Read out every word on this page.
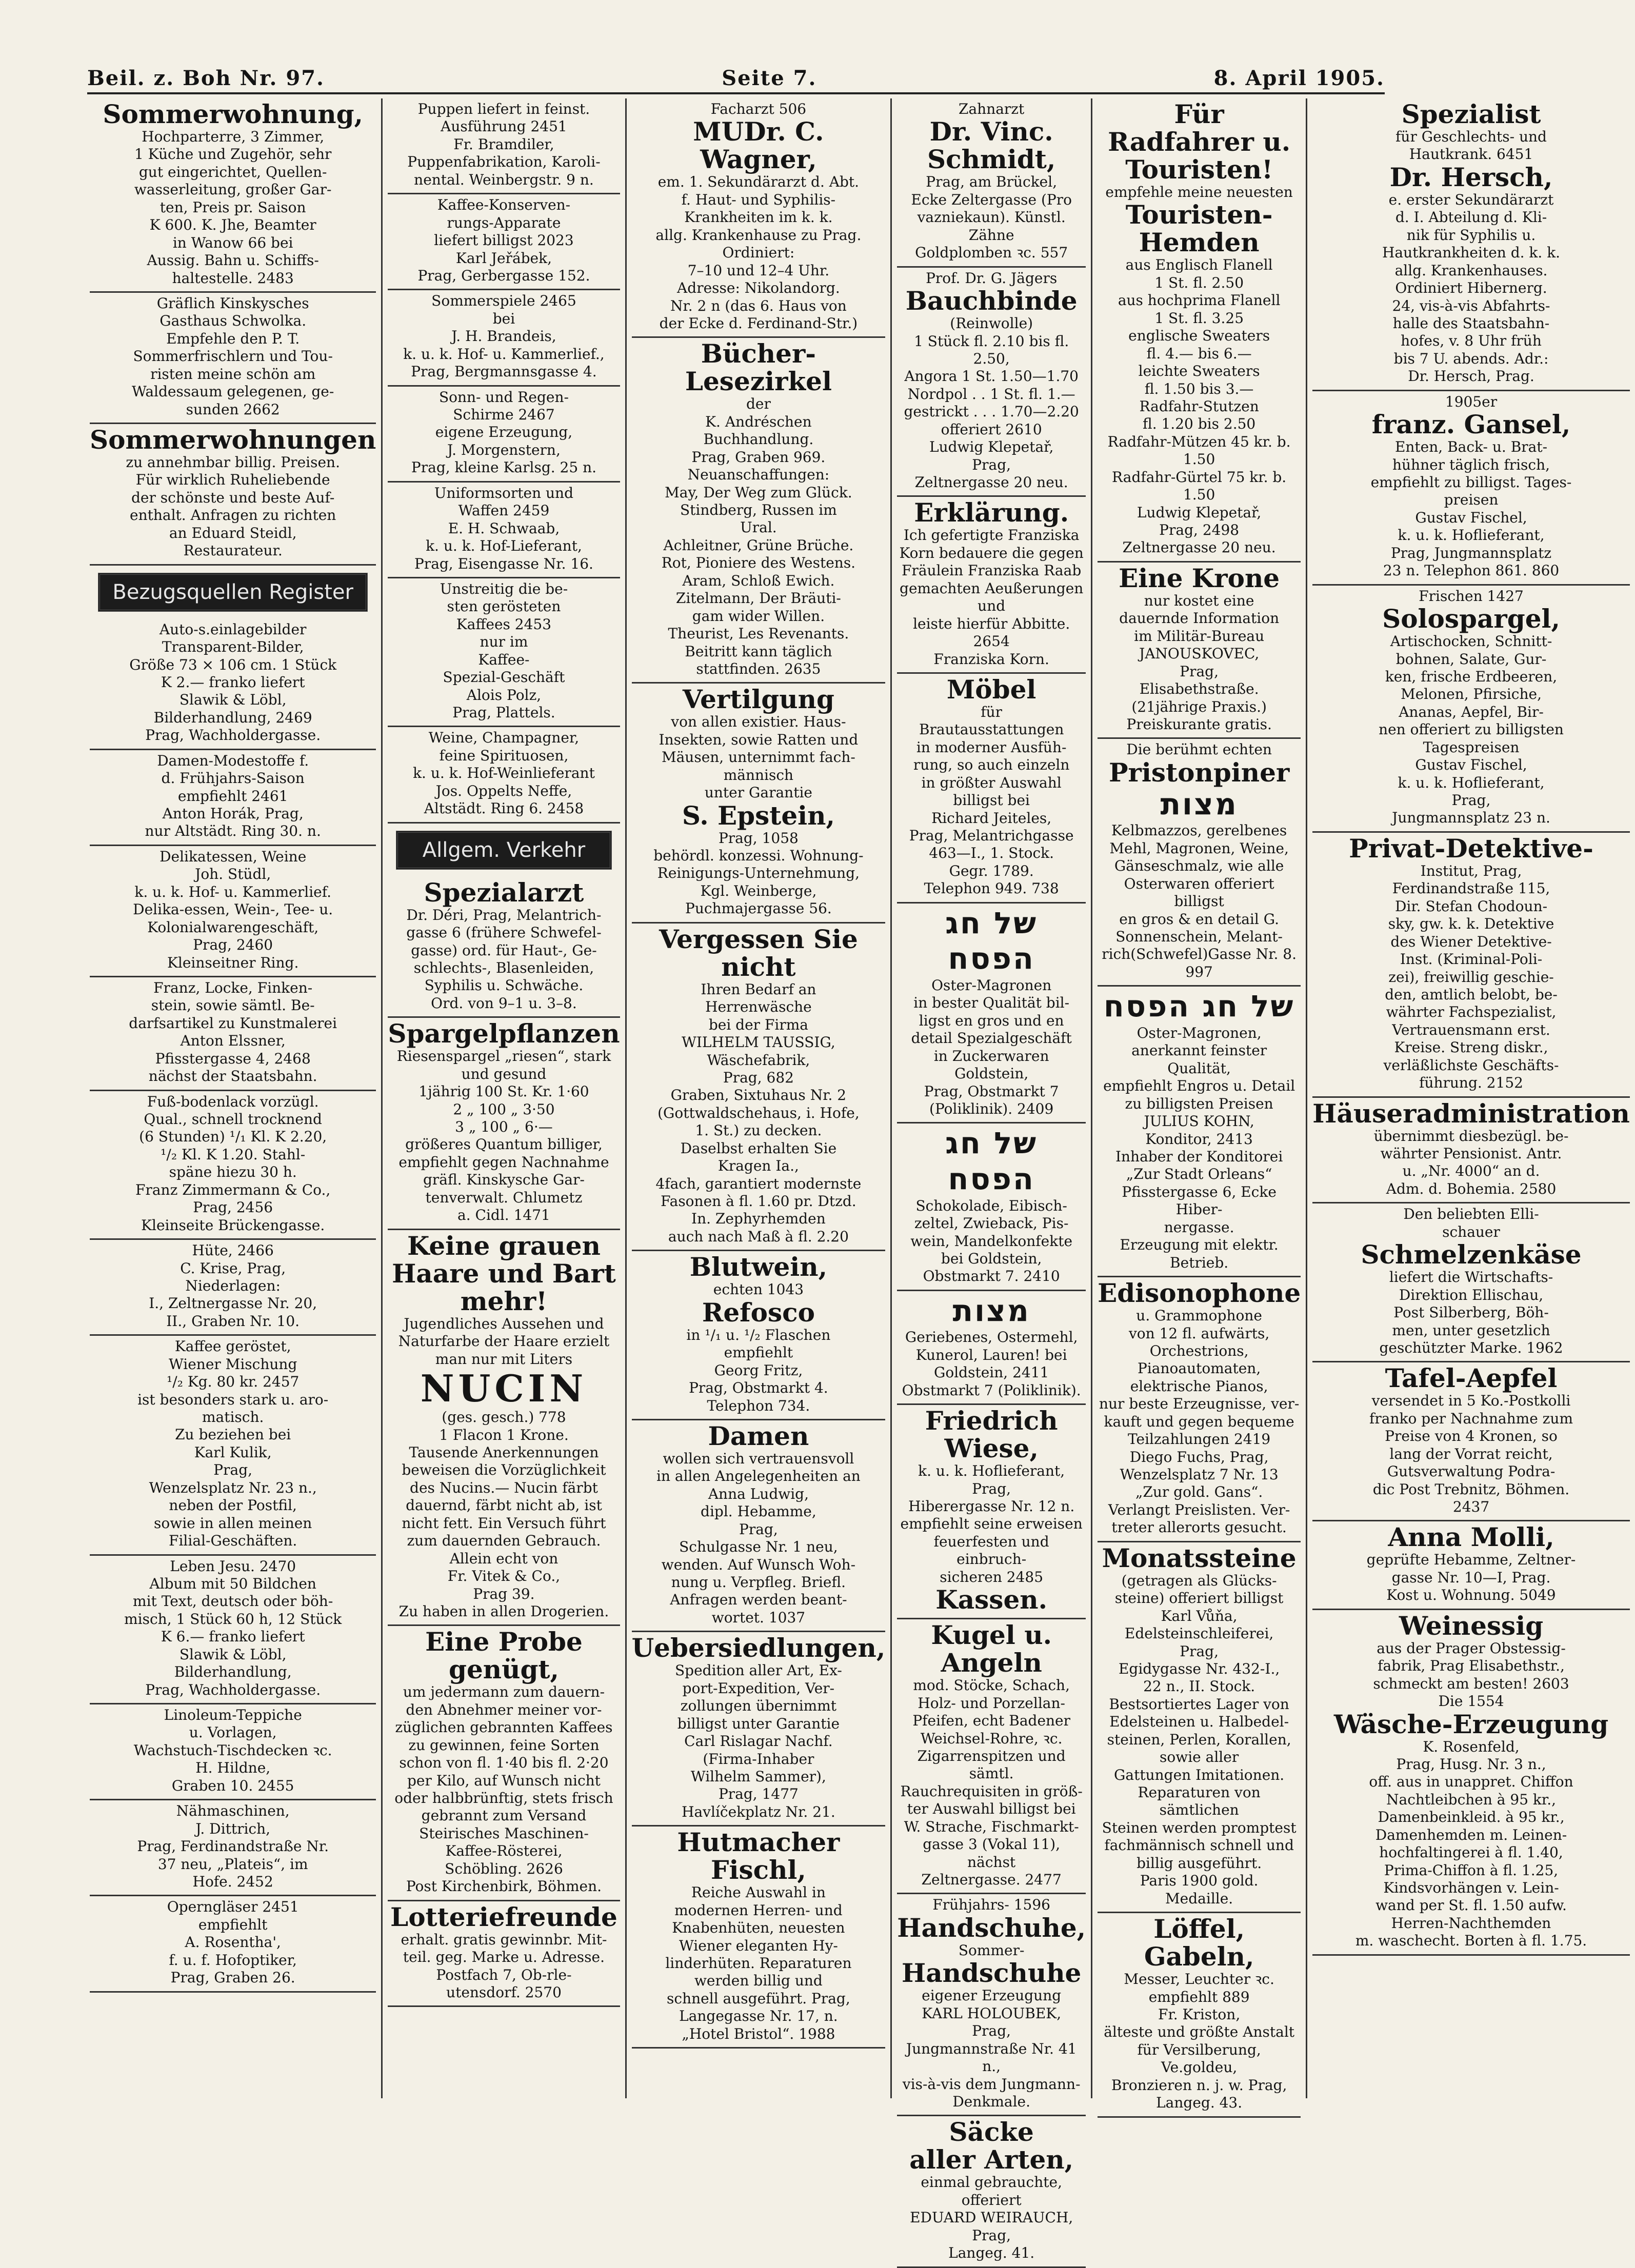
Beil. z. Boh Nr. 97.	Seite 7.	8. April 1905.
Sommerwohnung,
Hochparterre, 3 Zimmer,
1 Küche und Zugehör, sehr
gut eingerichtet, Quellen-
wasserleitung, großer Gar-
ten, Preis pr. Saison
K 600. K. Jhe, Beamter
in Wanow 66 bei
Aussig. Bahn u. Schiffs-
haltestelle. 2483
Gräflich Kinskysches
Gasthaus Schwolka.
Empfehle den P. T.
Sommerfrischlern und Tou-
risten meine schön am
Waldessaum gelegenen, ge-
sunden 2662
Sommerwohnungen
zu annehmbar billig. Preisen.
Für wirklich Ruheliebende
der schönste und beste Auf-
enthalt. Anfragen zu richten
an Eduard Steidl,
Restaurateur.
Bezugsquellen Register
Auto-s.einlagebilder
Transparent-Bilder,
Größe 73 × 106 cm. 1 Stück
K 2.— franko liefert
Slawik & Löbl,
Bilderhandlung, 2469
Prag, Wachholdergasse.
Damen-Modestoffe f.
d. Frühjahrs-Saison
empfiehlt 2461
Anton Horák, Prag,
nur Altstädt. Ring 30. n.
Delikatessen, Weine
Joh. Stüdl,
k. u. k. Hof- u. Kammerlief.
Delika-essen, Wein-, Tee- u.
Kolonialwarengeschäft,
Prag, 2460
Kleinseitner Ring.
Franz, Locke, Finken-
stein, sowie sämtl. Be-
darfsartikel zu Kunstmalerei
Anton Elssner,
Pfisstergasse 4, 2468
nächst der Staatsbahn.
Fuß-bodenlack vorzügl.
Qual., schnell trocknend
(6 Stunden) ¹/₁ Kl. K 2.20,
¹/₂ Kl. K 1.20. Stahl-
späne hiezu 30 h.
Franz Zimmermann & Co.,
Prag, 2456
Kleinseite Brückengasse.
Hüte, 2466
C. Krise, Prag,
Niederlagen:
I., Zeltnergasse Nr. 20,
II., Graben Nr. 10.
Kaffee geröstet,
Wiener Mischung
¹/₂ Kg. 80 kr. 2457
ist besonders stark u. aro-
matisch.
Zu beziehen bei
Karl Kulik,
Prag,
Wenzelsplatz Nr. 23 n.,
neben der Postfil,
sowie in allen meinen
Filial-Geschäften.
Leben Jesu. 2470
Album mit 50 Bildchen
mit Text, deutsch oder böh-
misch, 1 Stück 60 h, 12 Stück
K 6.— franko liefert
Slawik & Löbl,
Bilderhandlung,
Prag, Wachholdergasse.
Linoleum-Teppiche
u. Vorlagen,
Wachstuch-Tischdecken ꝛc.
H. Hildne,
Graben 10. 2455
Nähmaschinen,
J. Dittrich,
Prag, Ferdinandstraße Nr.
37 neu, „Plateis“, im
Hofe. 2452
Operngläser 2451
empfiehlt
A. Rosentha',
f. u. f. Hofoptiker,
Prag, Graben 26.
Puppen liefert in feinst.
Ausführung 2451
Fr. Bramdiler,
Puppenfabrikation, Karoli-
nental. Weinbergstr. 9 n.
Kaffee-Konserven-
rungs-Apparate
liefert billigst 2023
Karl Jeřábek,
Prag, Gerbergasse 152.
Sommerspiele 2465
bei
J. H. Brandeis,
k. u. k. Hof- u. Kammerlief.,
Prag, Bergmannsgasse 4.
Sonn- und Regen-
Schirme 2467
eigene Erzeugung,
J. Morgenstern,
Prag, kleine Karlsg. 25 n.
Uniformsorten und
Waffen 2459
E. H. Schwaab,
k. u. k. Hof-Lieferant,
Prag, Eisengasse Nr. 16.
Unstreitig die be-
sten gerösteten
Kaffees 2453
nur im
Kaffee-
Spezial-Geschäft
Alois Polz,
Prag, Plattels.
Weine, Champagner,
feine Spirituosen,
k. u. k. Hof-Weinlieferant
Jos. Oppelts Neffe,
Altstädt. Ring 6. 2458
Allgem. Verkehr
Spezialarzt
Dr. Déri, Prag, Melantrich-
gasse 6 (frühere Schwefel-
gasse) ord. für Haut-, Ge-
schlechts-, Blasenleiden,
Syphilis u. Schwäche.
Ord. von 9–1 u. 3–8.
Spargelpflanzen
Riesenspargel „riesen“, stark
und gesund
1jährig 100 St. Kr. 1·60
2 „ 100 „ 3·50
3 „ 100 „ 6·—
größeres Quantum billiger,
empfiehlt gegen Nachnahme
gräfl. Kinskysche Gar-
tenverwalt. Chlumetz
a. Cidl. 1471
Keine grauen Haare und Bart mehr!
Jugendliches Aussehen und
Naturfarbe der Haare erzielt
man nur mit Liters
NUCIN
(ges. gesch.) 778
1 Flacon 1 Krone.
Tausende Anerkennungen
beweisen die Vorzüglichkeit
des Nucins.— Nucin färbt
dauernd, färbt nicht ab, ist
nicht fett. Ein Versuch führt
zum dauernden Gebrauch.
Allein echt von
Fr. Vitek & Co.,
Prag 39.
Zu haben in allen Drogerien.
Eine Probe genügt,
um jedermann zum dauern-
den Abnehmer meiner vor-
züglichen gebrannten Kaffees
zu gewinnen, feine Sorten
schon von fl. 1·40 bis fl. 2·20
per Kilo, auf Wunsch nicht
oder halbbrünftig, stets frisch
gebrannt zum Versand
Steirisches Maschinen-
Kaffee-Rösterei,
Schöbling. 2626
Post Kirchenbirk, Böhmen.
Lotteriefreunde
erhalt. gratis gewinnbr. Mit-
teil. geg. Marke u. Adresse.
Postfach 7, Ob-rle-
utensdorf. 2570
Facharzt 506
MUDr. C. Wagner,
em. 1. Sekundärarzt d. Abt.
f. Haut- und Syphilis-
Krankheiten im k. k.
allg. Krankenhause zu Prag.
Ordiniert:
7–10 und 12–4 Uhr.
Adresse: Nikolandorg.
Nr. 2 n (das 6. Haus von
der Ecke d. Ferdinand-Str.)
Bücher-Lesezirkel
der
K. Andréschen
Buchhandlung.
Prag, Graben 969.
Neuanschaffungen:
May, Der Weg zum Glück.
Stindberg, Russen im
Ural.
Achleitner, Grüne Brüche.
Rot, Pioniere des Westens.
Aram, Schloß Ewich.
Zitelmann, Der Bräuti-
gam wider Willen.
Theurist, Les Revenants.
Beitritt kann täglich
stattfinden. 2635
Vertilgung
von allen existier. Haus-
Insekten, sowie Ratten und
Mäusen, unternimmt fach-
männisch
unter Garantie
S. Epstein,
Prag, 1058
behördl. konzessi. Wohnung-
Reinigungs-Unternehmung,
Kgl. Weinberge,
Puchmajergasse 56.
Vergessen Sie nicht
Ihren Bedarf an
Herrenwäsche
bei der Firma
WILHELM TAUSSIG,
Wäschefabrik,
Prag, 682
Graben, Sixtuhaus Nr. 2
(Gottwaldschehaus, i. Hofe,
1. St.) zu decken.
Daselbst erhalten Sie
Kragen Ia.,
4fach, garantiert modernste
Fasonen à fl. 1.60 pr. Dtzd.
In. Zephyrhemden
auch nach Maß à fl. 2.20
Blutwein,
echten 1043
Refosco
in ¹/₁ u. ¹/₂ Flaschen
empfiehlt
Georg Fritz,
Prag, Obstmarkt 4.
Telephon 734.
Damen
wollen sich vertrauensvoll
in allen Angelegenheiten an
Anna Ludwig,
dipl. Hebamme,
Prag,
Schulgasse Nr. 1 neu,
wenden. Auf Wunsch Woh-
nung u. Verpfleg. Briefl.
Anfragen werden beant-
wortet. 1037
Uebersiedlungen,
Spedition aller Art, Ex-
port-Expedition, Ver-
zollungen übernimmt
billigst unter Garantie
Carl Rislagar Nachf.
(Firma-Inhaber
Wilhelm Sammer),
Prag, 1477
Havlíčekplatz Nr. 21.
Hutmacher Fischl,
Reiche Auswahl in
modernen Herren- und
Knabenhüten, neuesten
Wiener eleganten Hy-
linderhüten. Reparaturen
werden billig und
schnell ausgeführt. Prag,
Langegasse Nr. 17, n.
„Hotel Bristol“. 1988
Zahnarzt
Dr. Vinc. Schmidt,
Prag, am Brückel,
Ecke Zeltergasse (Pro
vazniekaun). Künstl. Zähne
Goldplomben ꝛc. 557
Prof. Dr. G. Jägers
Bauchbinde
(Reinwolle)
1 Stück fl. 2.10 bis fl. 2.50,
Angora 1 St. 1.50—1.70
Nordpol . . 1 St. fl. 1.—
gestrickt . . . 1.70—2.20
offeriert 2610
Ludwig Klepetař,
Prag,
Zeltnergasse 20 neu.
Erklärung.
Ich gefertigte Franziska
Korn bedauere die gegen
Fräulein Franziska Raab
gemachten Aeußerungen und
leiste hierfür Abbitte. 2654
Franziska Korn.
Möbel
für
Brautausstattungen
in moderner Ausfüh-
rung, so auch einzeln
in größter Auswahl
billigst bei
Richard Jeiteles,
Prag, Melantrichgasse
463—I., 1. Stock.
Gegr. 1789.
Telephon 949. 738
של חג הפסח
Oster-Magronen
in bester Qualität bil-
ligst en gros und en
detail Spezialgeschäft
in Zuckerwaren
Goldstein,
Prag, Obstmarkt 7
(Poliklinik). 2409
של חג הפסח
Schokolade, Eibisch-
zeltel, Zwieback, Pis-
wein, Mandelkonfekte
bei Goldstein,
Obstmarkt 7. 2410
מצות
Geriebenes, Ostermehl,
Kunerol, Lauren! bei
Goldstein, 2411
Obstmarkt 7 (Poliklinik).
Friedrich Wiese,
k. u. k. Hoflieferant,
Prag,
Hiberergasse Nr. 12 n.
empfiehlt seine erweisen
feuerfesten und einbruch-
sicheren 2485
Kassen.
Kugel u. Angeln
mod. Stöcke, Schach,
Holz- und Porzellan-
Pfeifen, echt Badener
Weichsel-Rohre, ꝛc.
Zigarrenspitzen und sämtl.
Rauchrequisiten in größ-
ter Auswahl billigst bei
W. Strache, Fischmarkt-
gasse 3 (Vokal 11), nächst
Zeltnergasse. 2477
Frühjahrs- 1596
Handschuhe,
Sommer-
Handschuhe
eigener Erzeugung
KARL HOLOUBEK,
Prag,
Jungmannstraße Nr. 41 n.,
vis-à-vis dem Jungmann-
Denkmale.
Säcke
aller Arten,
einmal gebrauchte, offeriert
EDUARD WEIRAUCH,
Prag,
Langeg. 41.
Für Radfahrer u. Touristen!
empfehle meine neuesten
Touristen-Hemden
aus Englisch Flanell
1 St. fl. 2.50
aus hochprima Flanell
1 St. fl. 3.25
englische Sweaters
fl. 4.— bis 6.—
leichte Sweaters
fl. 1.50 bis 3.—
Radfahr-Stutzen
fl. 1.20 bis 2.50
Radfahr-Mützen 45 kr. b. 1.50
Radfahr-Gürtel 75 kr. b. 1.50
Ludwig Klepetař,
Prag, 2498
Zeltnergasse 20 neu.
Eine Krone
nur kostet eine
dauernde Information
im Militär-Bureau
JANOUSKOVEC,
Prag,
Elisabethstraße.
(21jährige Praxis.)
Preiskurante gratis.
Die berühmt echten
Pristonpiner
מצות
Kelbmazzos, gerelbenes
Mehl, Magronen, Weine,
Gänseschmalz, wie alle
Osterwaren offeriert billigst
en gros & en detail G.
Sonnenschein, Melant-
rich(Schwefel)Gasse Nr. 8.
997
של חג הפסח
Oster-Magronen,
anerkannt feinster Qualität,
empfiehlt Engros u. Detail
zu billigsten Preisen
JULIUS KOHN,
Konditor, 2413
Inhaber der Konditorei
„Zur Stadt Orleans“
Pfisstergasse 6, Ecke Hiber-
nergasse.
Erzeugung mit elektr.
Betrieb.
Edisonophone
u. Grammophone
von 12 fl. aufwärts,
Orchestrions,
Pianoautomaten,
elektrische Pianos,
nur beste Erzeugnisse, ver-
kauft und gegen bequeme
Teilzahlungen 2419
Diego Fuchs, Prag,
Wenzelsplatz 7 Nr. 13
„Zur gold. Gans“.
Verlangt Preislisten. Ver-
treter allerorts gesucht.
Monatssteine
(getragen als Glücks-
steine) offeriert billigst
Karl Vůňa,
Edelsteinschleiferei,
Prag,
Egidygasse Nr. 432-I.,
22 n., II. Stock.
Bestsortiertes Lager von
Edelsteinen u. Halbedel-
steinen, Perlen, Korallen,
sowie aller
Gattungen Imitationen.
Reparaturen von sämtlichen
Steinen werden promptest
fachmännisch schnell und
billig ausgeführt.
Paris 1900 gold.
Medaille.
Löffel, Gabeln,
Messer, Leuchter ꝛc.
empfiehlt 889
Fr. Kriston,
älteste und größte Anstalt
für Versilberung, Ve.goldeu,
Bronzieren n. j. w. Prag,
Langeg. 43.
Spezialist
für Geschlechts- und
Hautkrank. 6451
Dr. Hersch,
e. erster Sekundärarzt
d. I. Abteilung d. Kli-
nik für Syphilis u.
Hautkrankheiten d. k. k.
allg. Krankenhauses.
Ordiniert Hibernerg.
24, vis-à-vis Abfahrts-
halle des Staatsbahn-
hofes, v. 8 Uhr früh
bis 7 U. abends. Adr.:
Dr. Hersch, Prag.
1905er
franz. Gansel,
Enten, Back- u. Brat-
hühner täglich frisch,
empfiehlt zu billigst. Tages-
preisen
Gustav Fischel,
k. u. k. Hoflieferant,
Prag, Jungmannsplatz
23 n. Telephon 861. 860
Frischen 1427
Solospargel,
Artischocken, Schnitt-
bohnen, Salate, Gur-
ken, frische Erdbeeren,
Melonen, Pfirsiche,
Ananas, Aepfel, Bir-
nen offeriert zu billigsten
Tagespreisen
Gustav Fischel,
k. u. k. Hoflieferant,
Prag,
Jungmannsplatz 23 n.
Privat-Detektive-
Institut, Prag,
Ferdinandstraße 115,
Dir. Stefan Chodoun-
sky, gw. k. k. Detektive
des Wiener Detektive-
Inst. (Kriminal-Poli-
zei), freiwillig geschie-
den, amtlich belobt, be-
währter Fachspezialist,
Vertrauensmann erst.
Kreise. Streng diskr.,
verläßlichste Geschäfts-
führung. 2152
Häuseradministration
übernimmt diesbezügl. be-
währter Pensionist. Antr.
u. „Nr. 4000“ an d.
Adm. d. Bohemia. 2580
Den beliebten Elli-
schauer
Schmelzenkäse
liefert die Wirtschafts-
Direktion Ellischau,
Post Silberberg, Böh-
men, unter gesetzlich
geschützter Marke. 1962
Tafel-Aepfel
versendet in 5 Ko.-Postkolli
franko per Nachnahme zum
Preise von 4 Kronen, so
lang der Vorrat reicht,
Gutsverwaltung Podra-
dic Post Trebnitz, Böhmen.
2437
Anna Molli,
geprüfte Hebamme, Zeltner-
gasse Nr. 10—I, Prag.
Kost u. Wohnung. 5049
Weinessig
aus der Prager Obstessig-
fabrik, Prag Elisabethstr.,
schmeckt am besten! 2603
Die 1554
Wäsche-Erzeugung
K. Rosenfeld,
Prag, Husg. Nr. 3 n.,
off. aus in unappret. Chiffon
Nachtleibchen à 95 kr.,
Damenbeinkleid. à 95 kr.,
Damenhemden m. Leinen-
hochfaltingerei à fl. 1.40,
Prima-Chiffon à fl. 1.25,
Kindsvorhängen v. Lein-
wand per St. fl. 1.50 aufw.
Herren-Nachthemden
m. waschecht. Borten à fl. 1.75.
